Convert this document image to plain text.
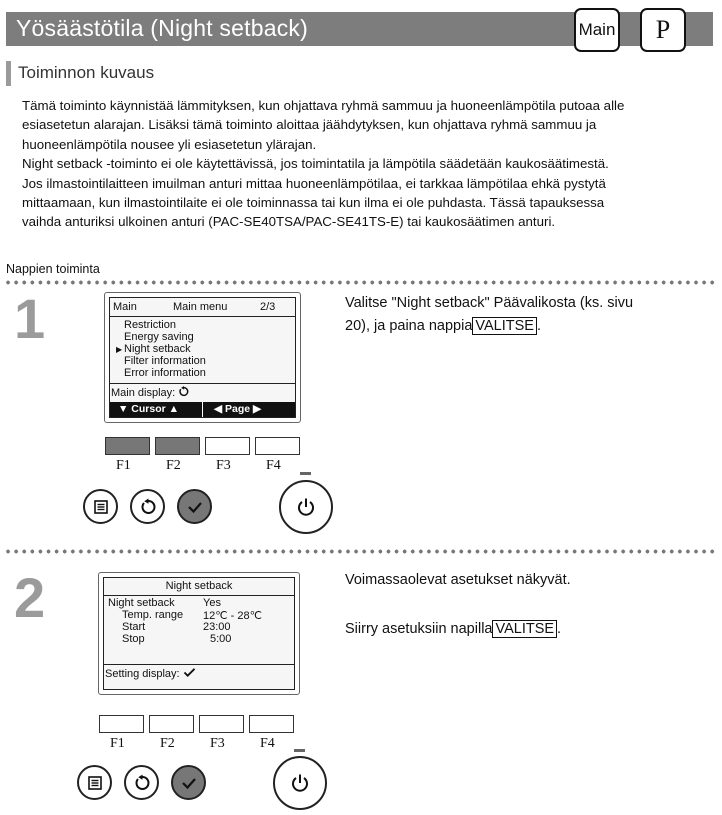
Yösäästötila (Night setback)	Main	P
Toiminnon kuvaus

Tämä toiminto käynnistää lämmityksen, kun ohjattava ryhmä sammuu ja huoneenlämpötila putoaa alle

esiasetetun alarajan. Lisäksi tämä toiminto aloittaa jäähdytyksen, kun ohjattava ryhmä sammuu ja

huoneenlämpötila nousee yli esiasetetun ylärajan.

Night setback -toiminto ei ole käytettävissä, jos toimintatila ja lämpötila säädetään kaukosäätimestä.

Jos ilmastointilaitteen imuilman anturi mittaa huoneenlämpötilaa, ei tarkkaa lämpötilaa ehkä pystytä

mittaamaan, kun ilmastointilaite ei ole toiminnassa tai kun ilma ei ole puhdasta. Tässä tapauksessa

vaihda anturiksi ulkoinen anturi (PAC-SE40TSA/PAC-SE41TS-E) tai kaukosäätimen anturi.

Nappien toiminta
1	Main	Main menu	2/3
Restriction
Energy saving
▶ Night setback
Filter information
Error information
Main display:
▼ Cursor ▲	◀ Page ▶
F1	F2	F3	F4
Valitse "Night setback" Päävalikosta (ks. sivu
20), ja paina nappia VALITSE .
2	Night setback
Night setback	Yes
Temp. range 12℃ - 28℃
Start	23:00
Stop	5:00
Setting display:
F1	F2	F3	F4
Voimassaolevat asetukset näkyvät.
Siirry asetuksiin napilla VALITSE .
